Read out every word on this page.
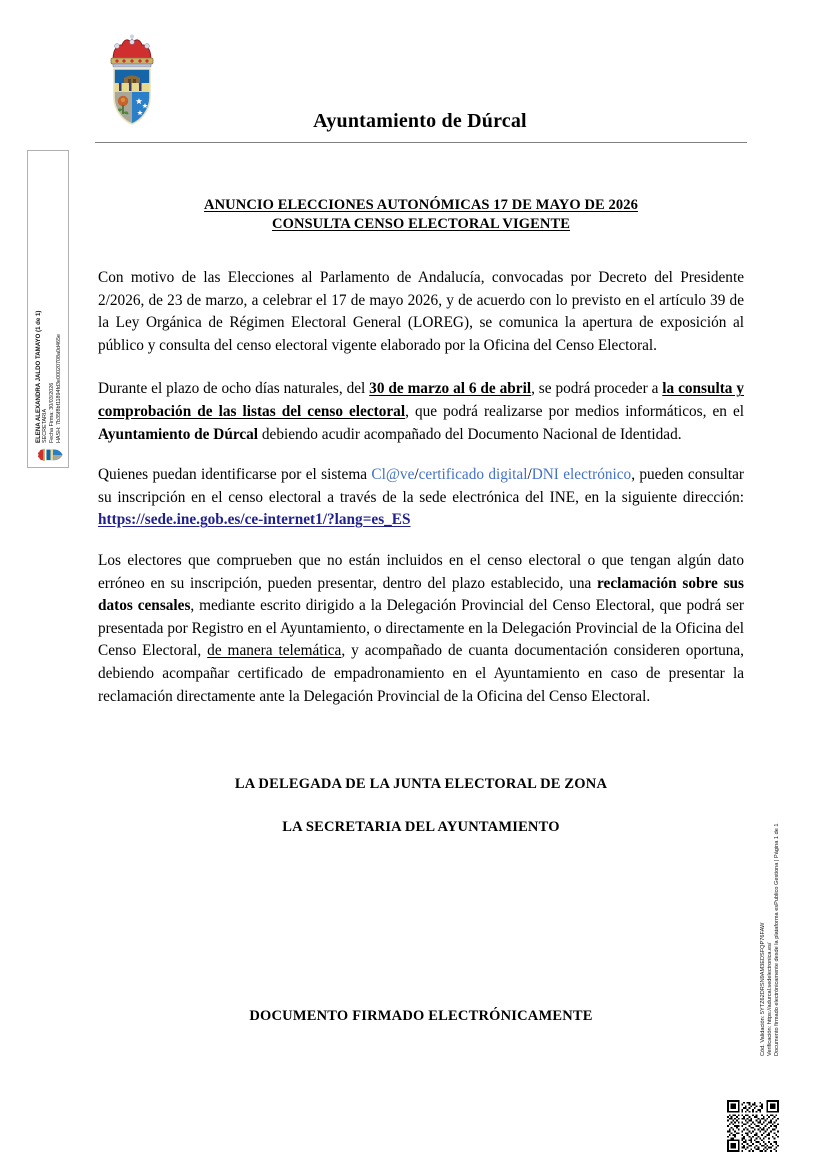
Ayuntamiento de Dúrcal
ELENA ALEXANDRA JALDO TAMAYO (1 de 1) SECRETARIA Fecha Firma: 30/03/2026 HASH: 7b35f8bf11894fd3e00020708a0d465e
Cód. Validación: 5YTZ62DRSN9AM3EDSFQP76FAW Verificación: https://adurcal.sedelectronica.es/ Documento firmado electrónicamente desde la plataforma esPublico Gestiona | Página 1 de 1
ANUNCIO ELECCIONES AUTONÓMICAS 17 DE MAYO DE 2026
CONSULTA CENSO ELECTORAL VIGENTE

Con motivo de las Elecciones al Parlamento de Andalucía, convocadas por Decreto del Presidente 2/2026, de 23 de marzo, a celebrar el 17 de mayo 2026, y de acuerdo con lo previsto en el artículo 39 de la Ley Orgánica de Régimen Electoral General (LOREG), se comunica la apertura de exposición al público y consulta del censo electoral vigente elaborado por la Oficina del Censo Electoral.

Durante el plazo de ocho días naturales, del 30 de marzo al 6 de abril, se podrá proceder a la consulta y comprobación de las listas del censo electoral, que podrá realizarse por medios informáticos, en el Ayuntamiento de Dúrcal debiendo acudir acompañado del Documento Nacional de Identidad.

Quienes puedan identificarse por el sistema Cl@ve/certificado digital/DNI electrónico, pueden consultar su inscripción en el censo electoral a través de la sede electrónica del INE, en la siguiente dirección: https://sede.ine.gob.es/ce-internet1/?lang=es_ES

Los electores que comprueben que no están incluidos en el censo electoral o que tengan algún dato erróneo en su inscripción, pueden presentar, dentro del plazo establecido, una reclamación sobre sus datos censales, mediante escrito dirigido a la Delegación Provincial del Censo Electoral, que podrá ser presentada por Registro en el Ayuntamiento, o directamente en la Delegación Provincial de la Oficina del Censo Electoral, de manera telemática, y acompañado de cuanta documentación consideren oportuna, debiendo acompañar certificado de empadronamiento en el Ayuntamiento en caso de presentar la reclamación directamente ante la Delegación Provincial de la Oficina del Censo Electoral.

LA DELEGADA DE LA JUNTA ELECTORAL DE ZONA
LA SECRETARIA DEL AYUNTAMIENTO
DOCUMENTO FIRMADO ELECTRÓNICAMENTE
